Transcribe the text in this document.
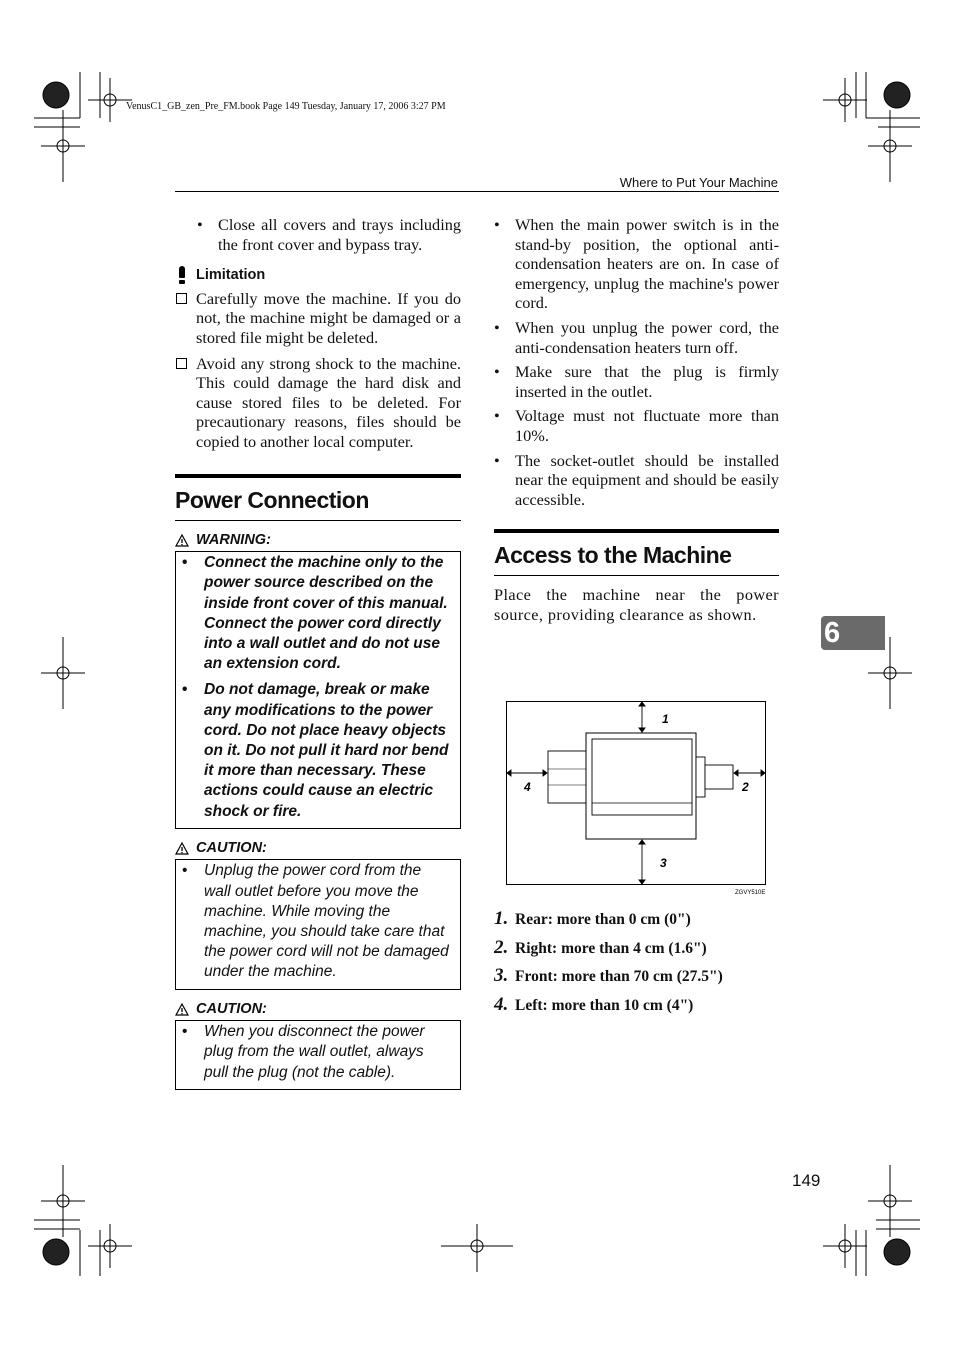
VenusC1_GB_zen_Pre_FM.book Page 149 Tuesday, January 17, 2006 3:27 PM
Where to Put Your Machine
• Close all covers and trays including the front cover and bypass tray.
Limitation
Carefully move the machine. If you do not, the machine might be damaged or a stored file might be deleted.
Avoid any strong shock to the machine. This could damage the hard disk and cause stored files to be deleted. For precautionary reasons, files should be copied to another local computer.
Power Connection
WARNING:
• Connect the machine only to the power source described on the inside front cover of this manual. Connect the power cord directly into a wall outlet and do not use an extension cord.
• Do not damage, break or make any modifications to the power cord. Do not place heavy objects on it. Do not pull it hard nor bend it more than necessary. These actions could cause an electric shock or fire.
CAUTION:
• Unplug the power cord from the wall outlet before you move the machine. While moving the machine, you should take care that the power cord will not be damaged under the machine.
CAUTION:
• When you disconnect the power plug from the wall outlet, always pull the plug (not the cable).
• When the main power switch is in the stand-by position, the optional anti-condensation heaters are on. In case of emergency, unplug the machine's power cord.
• When you unplug the power cord, the anti-condensation heaters turn off.
• Make sure that the plug is firmly inserted in the outlet.
• Voltage must not fluctuate more than 10%.
• The socket-outlet should be installed near the equipment and should be easily accessible.
Access to the Machine

Place the machine near the power source, providing clearance as shown.

1
2
3
4
ZGVY510E
1. Rear: more than 0 cm (0")
2. Right: more than 4 cm (1.6")
3. Front: more than 70 cm (27.5")
4. Left: more than 10 cm (4")
6
149
